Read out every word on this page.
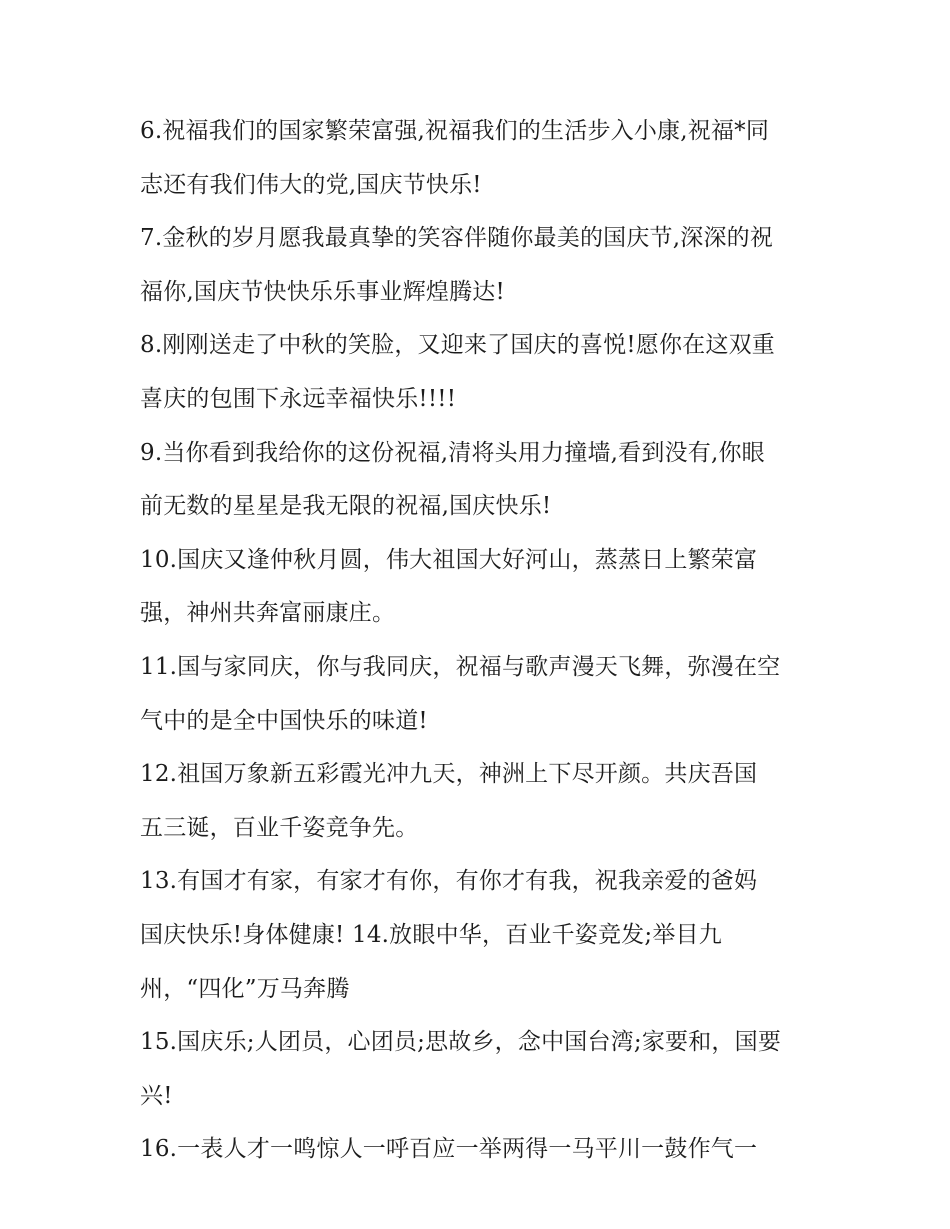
6.祝福我们的国家繁荣富强,祝福我们的生活步入小康,祝福*同
志还有我们伟大的党,国庆节快乐!
7.金秋的岁月愿我最真挚的笑容伴随你最美的国庆节,深深的祝
福你,国庆节快快乐乐事业辉煌腾达!
8.刚刚送走了中秋的笑脸，又迎来了国庆的喜悦!愿你在这双重
喜庆的包围下永远幸福快乐!!!!
9.当你看到我给你的这份祝福,清将头用力撞墙,看到没有,你眼
前无数的星星是我无限的祝福,国庆快乐!
10.国庆又逢仲秋月圆，伟大祖国大好河山，蒸蒸日上繁荣富
强，神州共奔富丽康庄。
11.国与家同庆，你与我同庆，祝福与歌声漫天飞舞，弥漫在空
气中的是全中国快乐的味道!
12.祖国万象新五彩霞光冲九天，神洲上下尽开颜。共庆吾国
五三诞，百业千姿竞争先。
13.有国才有家，有家才有你，有你才有我，祝我亲爱的爸妈
国庆快乐!身体健康! 14.放眼中华，百业千姿竞发;举目九
州，“四化”万马奔腾
15.国庆乐;人团员，心团员;思故乡，念中国台湾;家要和，国要
兴!
16.一表人才一鸣惊人一呼百应一举两得一马平川一鼓作气一
